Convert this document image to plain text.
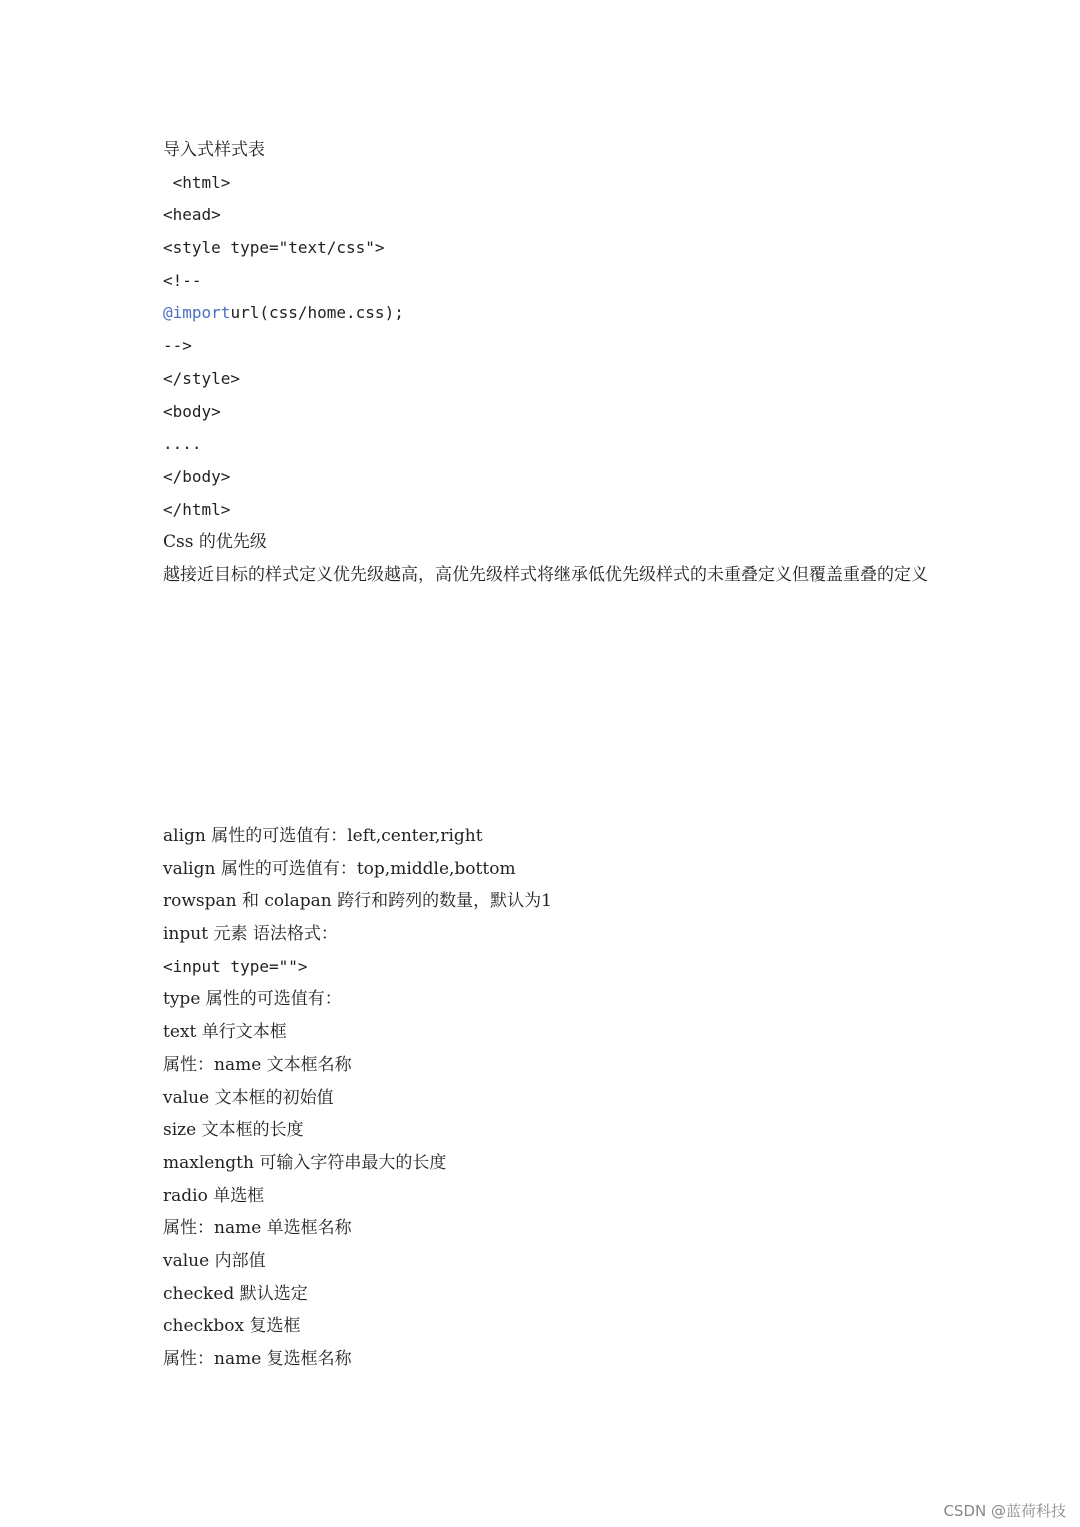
导入式样式表
<html>
<head>
<style type="text/css">
<!--
@importurl(css/home.css);
-->
</style>
<body>
....
</body>
</html>
Css 的优先级
越接近目标的样式定义优先级越高，高优先级样式将继承低优先级样式的未重叠定义但覆盖重叠的定义
align 属性的可选值有：left,center,right
valign 属性的可选值有：top,middle,bottom
rowspan 和 colapan 跨行和跨列的数量，默认为1
input 元素 语法格式：
<input type="">
type 属性的可选值有：
text 单行文本框
属性：name 文本框名称
value 文本框的初始值
size 文本框的长度
maxlength 可输入字符串最大的长度
radio 单选框
属性：name 单选框名称
value 内部值
checked 默认选定
checkbox 复选框
属性：name 复选框名称
CSDN @蓝荷科技
